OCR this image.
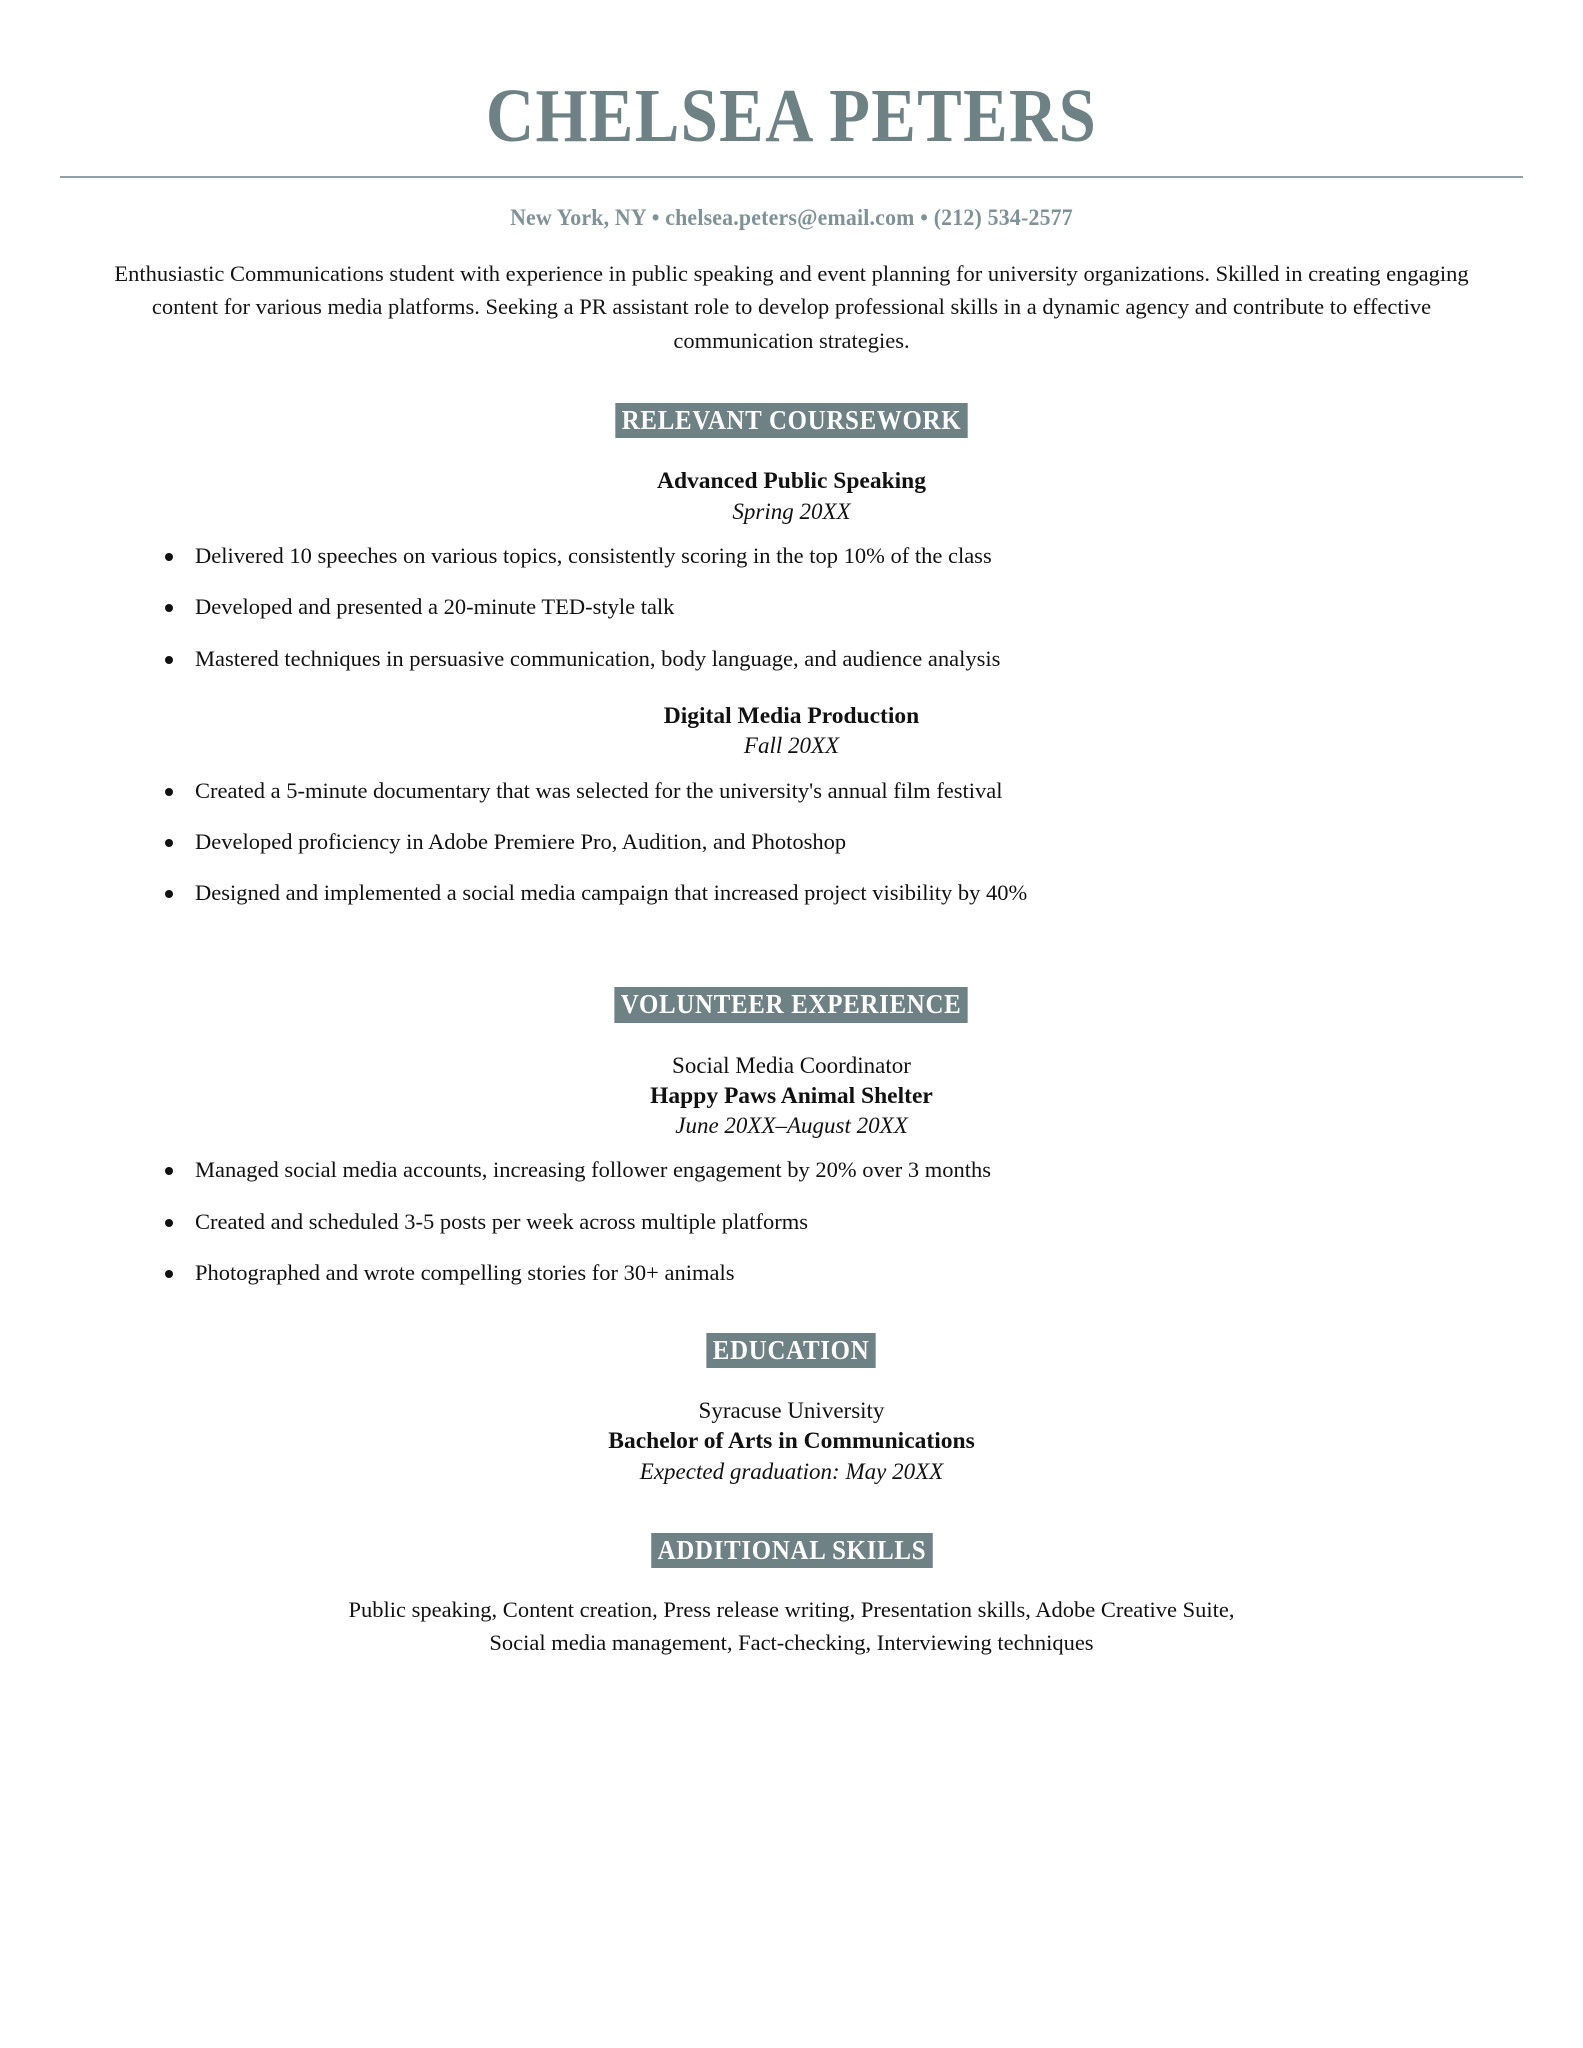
CHELSEA PETERS
New York, NY • chelsea.peters@email.com • (212) 534-2577
Enthusiastic Communications student with experience in public speaking and event planning for university organizations. Skilled in creating engaging content for various media platforms. Seeking a PR assistant role to develop professional skills in a dynamic agency and contribute to effective communication strategies.
RELEVANT COURSEWORK
Advanced Public Speaking
Spring 20XX
Delivered 10 speeches on various topics, consistently scoring in the top 10% of the class
Developed and presented a 20-minute TED-style talk
Mastered techniques in persuasive communication, body language, and audience analysis
Digital Media Production
Fall 20XX
Created a 5-minute documentary that was selected for the university's annual film festival
Developed proficiency in Adobe Premiere Pro, Audition, and Photoshop
Designed and implemented a social media campaign that increased project visibility by 40%
VOLUNTEER EXPERIENCE
Social Media Coordinator
Happy Paws Animal Shelter
June 20XX–August 20XX
Managed social media accounts, increasing follower engagement by 20% over 3 months
Created and scheduled 3-5 posts per week across multiple platforms
Photographed and wrote compelling stories for 30+ animals
EDUCATION
Syracuse University
Bachelor of Arts in Communications
Expected graduation: May 20XX
ADDITIONAL SKILLS
Public speaking, Content creation, Press release writing, Presentation skills, Adobe Creative Suite,
Social media management, Fact-checking, Interviewing techniques
